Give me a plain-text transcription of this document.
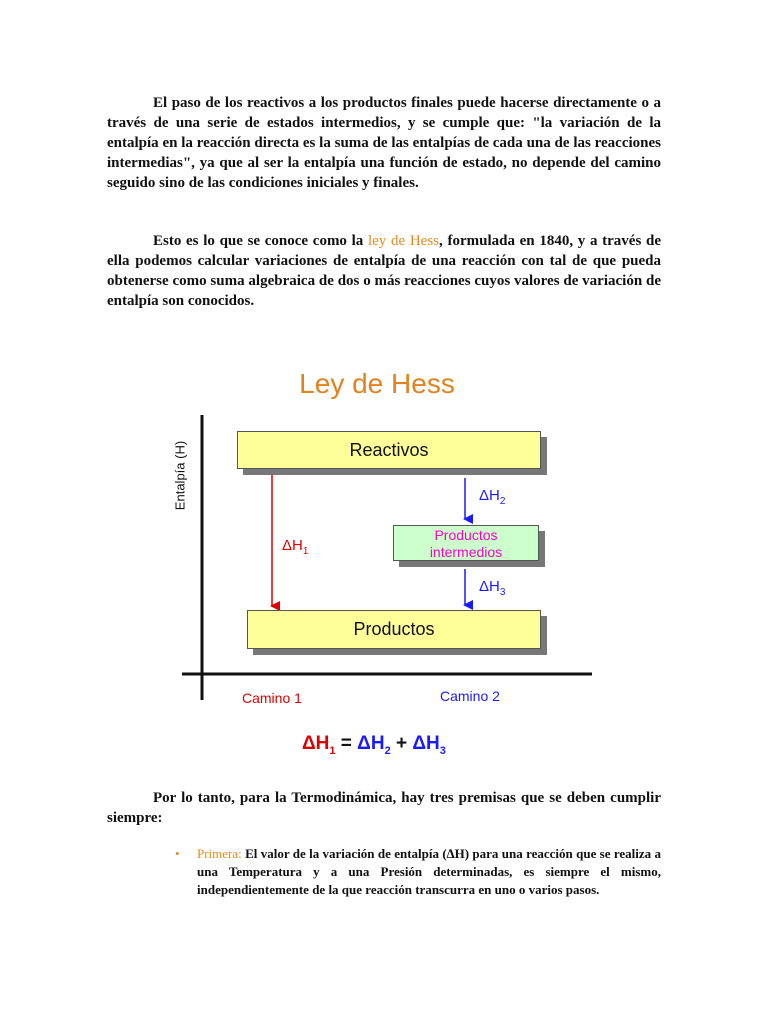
El paso de los reactivos a los productos finales puede hacerse directamente o a través de una serie de estados intermedios, y se cumple que: "la variación de la entalpía en la reacción directa es la suma de las entalpías de cada una de las reacciones intermedias", ya que al ser la entalpía una función de estado, no depende del camino seguido sino de las condiciones iniciales y finales.

Esto es lo que se conoce como la ley de Hess, formulada en 1840, y a través de ella podemos calcular variaciones de entalpía de una reacción con tal de que pueda obtenerse como suma algebraica de dos o más reacciones cuyos valores de variación de entalpía son conocidos.

Ley de Hess
Entalpía (H)	Reactivos
Productos
intermedios
Productos
$\Delta H_1$
$\Delta H_2$
$\Delta H_3$
Camino 1	Camino 2
$\Delta H_1 = \Delta H_2 + \Delta H_3$

Por lo tanto, para la Termodinámica, hay tres premisas que se deben cumplir siempre:

• Primera: El valor de la variación de entalpía (∆H) para una reacción que se realiza a una Temperatura y a una Presión determinadas, es siempre el mismo, independientemente de la que reacción transcurra en uno o varios pasos.
